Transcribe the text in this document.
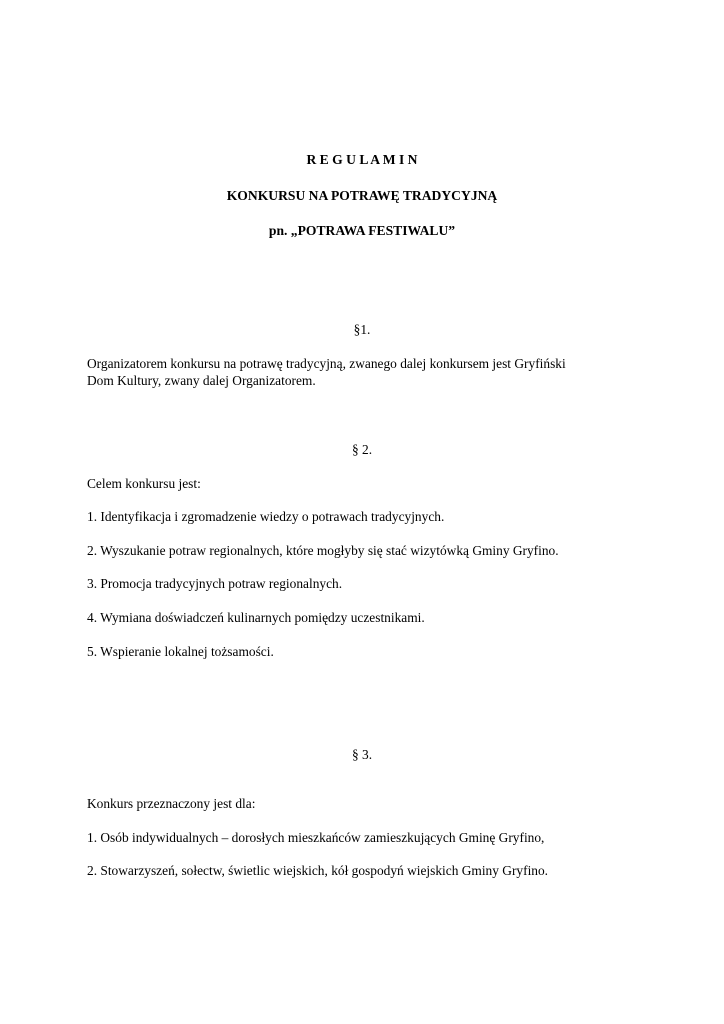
R E G U L A M I N
KONKURSU NA POTRAWĘ TRADYCYJNĄ
pn. „POTRAWA FESTIWALU”
§1.
Organizatorem konkursu na potrawę tradycyjną, zwanego dalej konkursem jest Gryfiński
Dom Kultury, zwany dalej Organizatorem.
§ 2.
Celem konkursu jest:
1. Identyfikacja i zgromadzenie wiedzy o potrawach tradycyjnych.
2. Wyszukanie potraw regionalnych, które mogłyby się stać wizytówką Gminy Gryfino.
3. Promocja tradycyjnych potraw regionalnych.
4. Wymiana doświadczeń kulinarnych pomiędzy uczestnikami.
5. Wspieranie lokalnej tożsamości.
§ 3.
Konkurs przeznaczony jest dla:
1. Osób indywidualnych – dorosłych mieszkańców zamieszkujących Gminę Gryfino,
2. Stowarzyszeń, sołectw, świetlic wiejskich, kół gospodyń wiejskich Gminy Gryfino.
